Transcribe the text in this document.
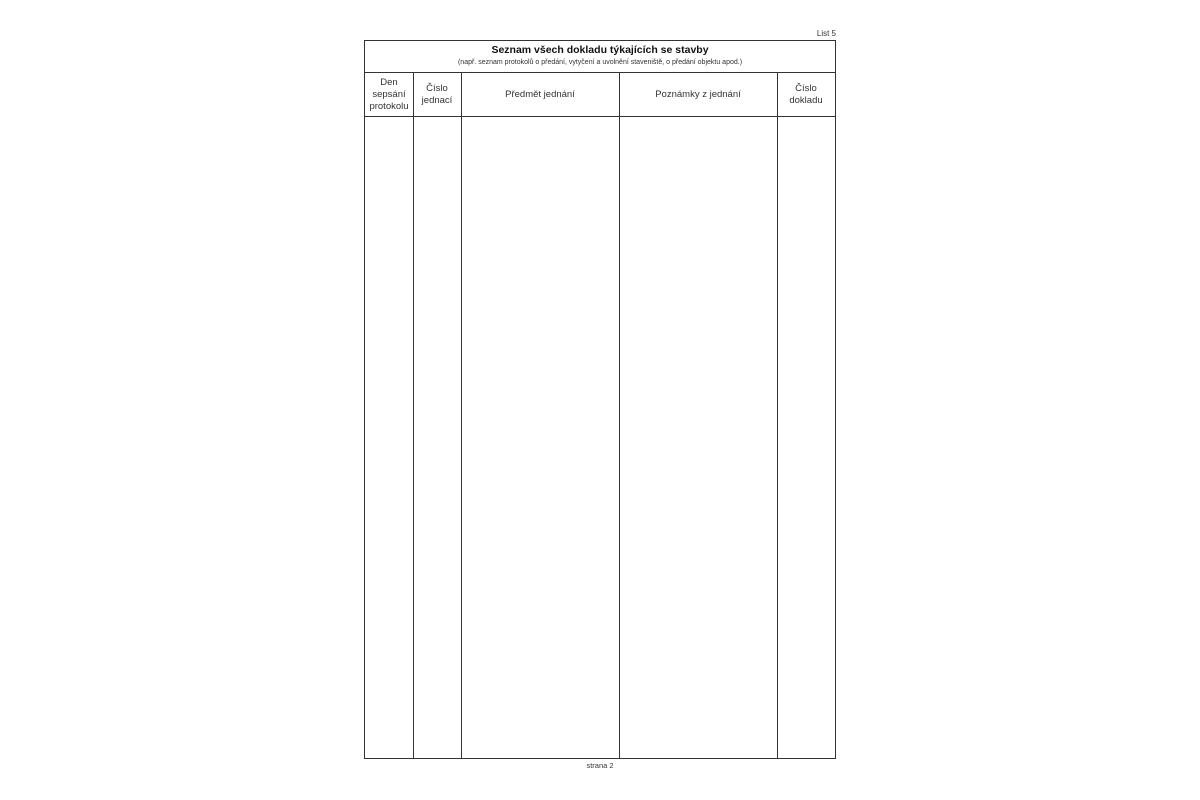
List 5
Seznam všech dokladu týkajících se stavby
(např. seznam protokolů o předání, vytyčení a uvolnění staveniště, o předání objektu apod.)
Den
sepsání
protokolu
Číslo
jednací
Předmět jednání	Poznámky z jednání
Číslo
dokladu
strana 2
